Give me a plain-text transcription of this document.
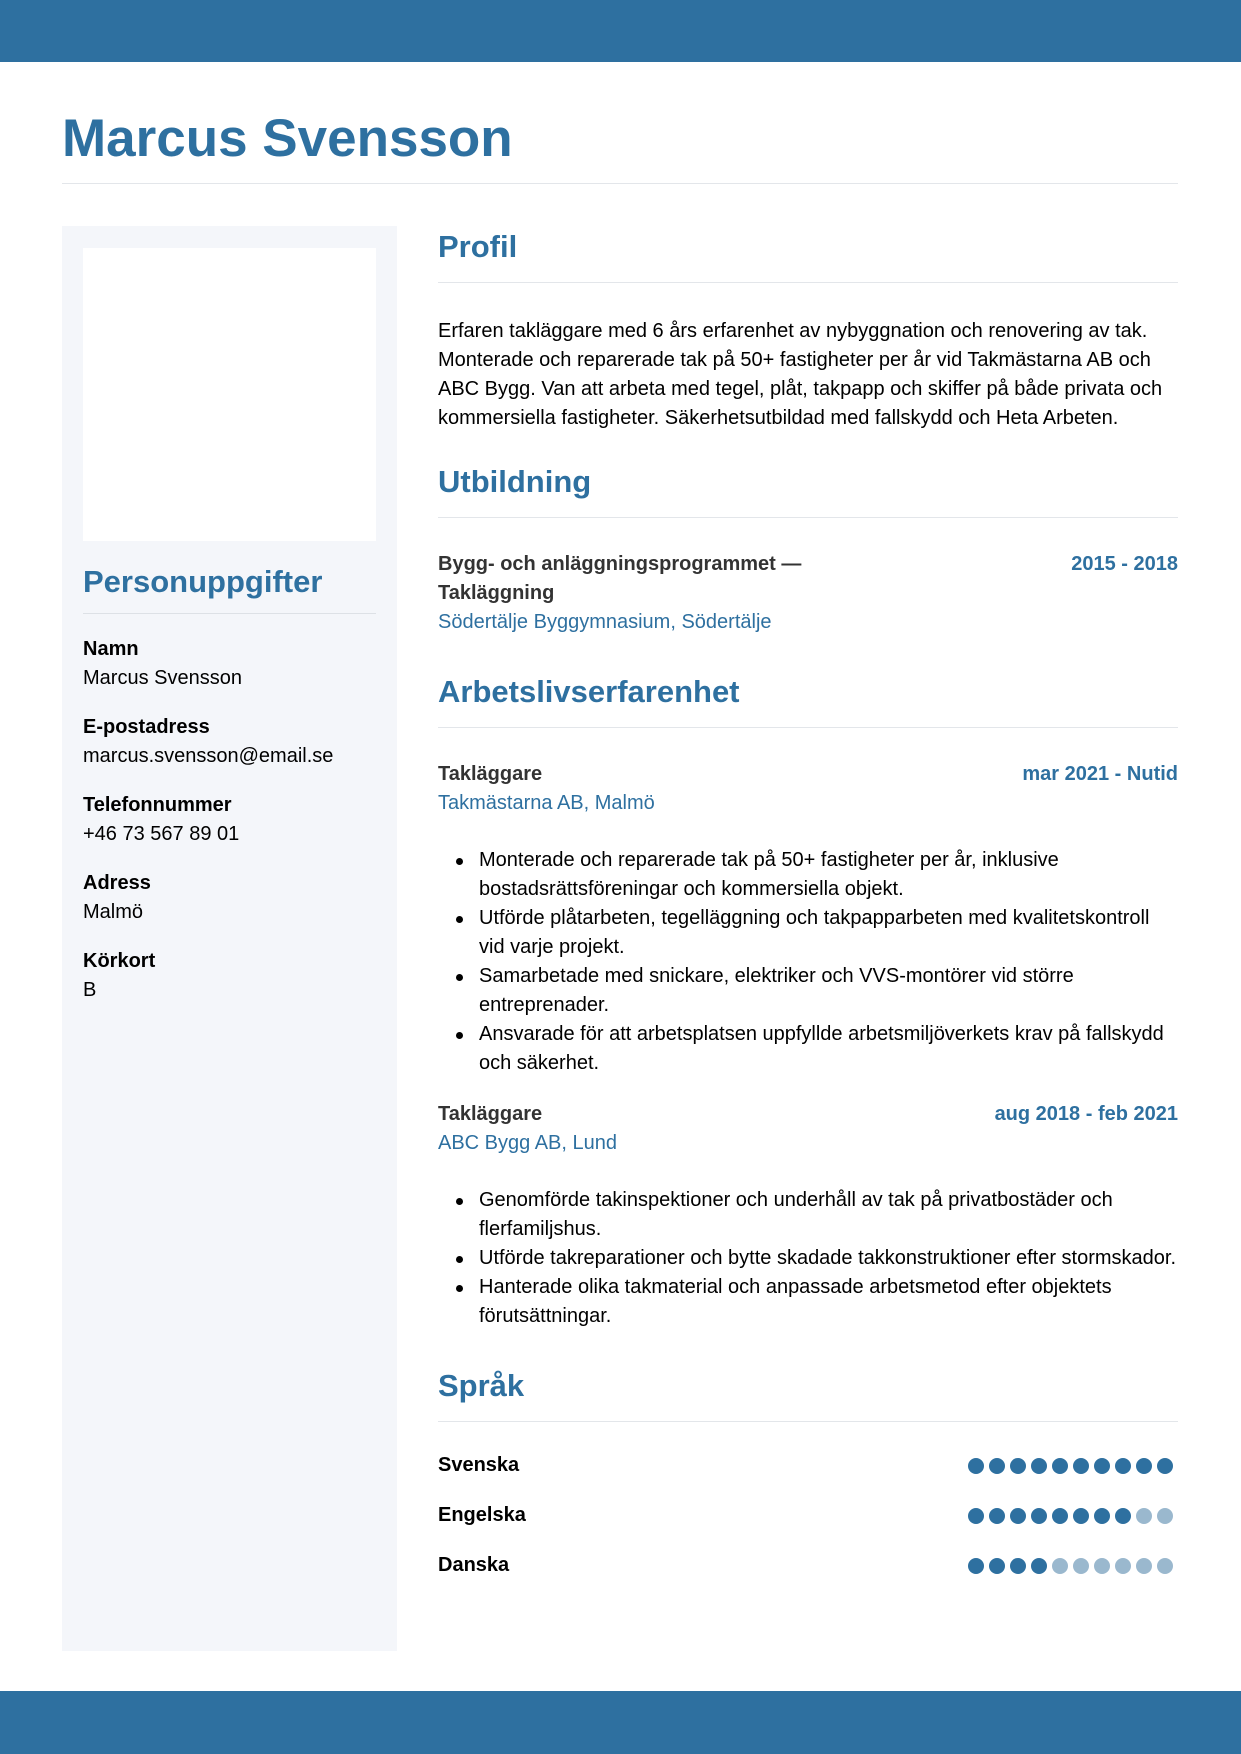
Marcus Svensson
Personuppgifter
Namn
Marcus Svensson
E-postadress
marcus.svensson@email.se
Telefonnummer
+46 73 567 89 01
Adress
Malmö
Körkort
B
Profil

Erfaren takläggare med 6 års erfarenhet av nybyggnation och renovering av tak. Monterade och reparerade tak på 50+ fastigheter per år vid Takmästarna AB och ABC Bygg. Van att arbeta med tegel, plåt, takpapp och skiffer på både privata och kommersiella fastigheter. Säkerhetsutbildad med fallskydd och Heta Arbeten.

Utbildning
Bygg- och anläggningsprogrammet — Takläggning
2015 - 2018
Södertälje Byggymnasium, Södertälje
Arbetslivserfarenhet
Takläggare	mar 2021 - Nutid
Takmästarna AB, Malmö
Monterade och reparerade tak på 50+ fastigheter per år, inklusive bostadsrättsföreningar och kommersiella objekt.
Utförde plåtarbeten, tegelläggning och takpapparbeten med kvalitetskontroll vid varje projekt.
Samarbetade med snickare, elektriker och VVS-montörer vid större entreprenader.
Ansvarade för att arbetsplatsen uppfyllde arbetsmiljöverkets krav på fallskydd och säkerhet.
Takläggare	aug 2018 - feb 2021
ABC Bygg AB, Lund
Genomförde takinspektioner och underhåll av tak på privatbostäder och flerfamiljshus.
Utförde takreparationer och bytte skadade takkonstruktioner efter stormskador.
Hanterade olika takmaterial och anpassade arbetsmetod efter objektets förutsättningar.
Språk
Svenska
Engelska
Danska
